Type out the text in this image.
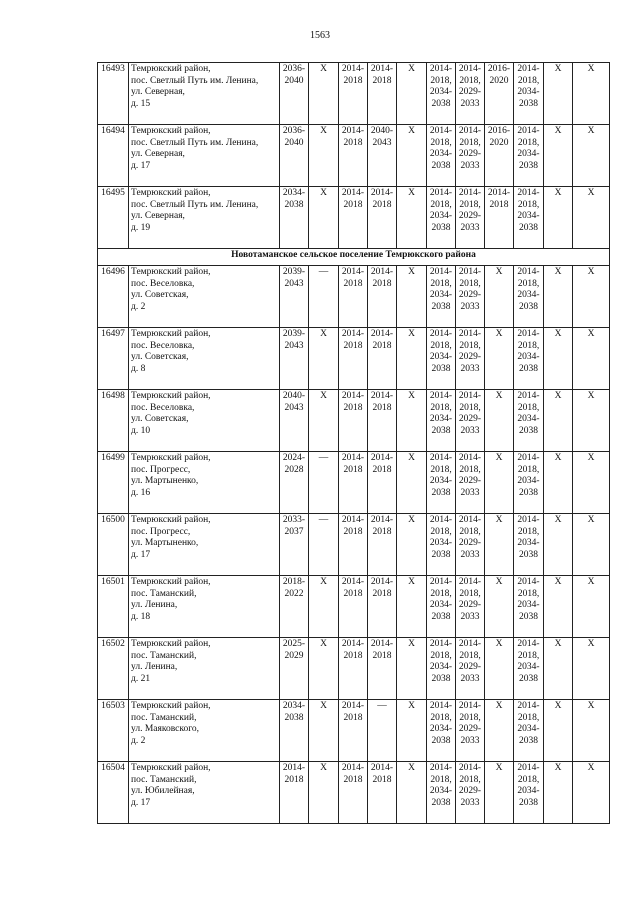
1563
16493	Темрюкский район,
пос. Светлый Путь им. Ленина,
ул. Северная,
д. 15	2036-
2040	X	2014-
2018	2014-
2018	X	2014-
2018,
2034-
2038	2014-
2018,
2029-
2033	2016-
2020	2014-
2018,
2034-
2038	X	X

16494	Темрюкский район,
пос. Светлый Путь им. Ленина,
ул. Северная,
д. 17	2036-
2040	X	2014-
2018	2040-
2043	X	2014-
2018,
2034-
2038	2014-
2018,
2029-
2033	2016-
2020	2014-
2018,
2034-
2038	X	X

16495	Темрюкский район,
пос. Светлый Путь им. Ленина,
ул. Северная,
д. 19	2034-
2038	X	2014-
2018	2014-
2018	X	2014-
2018,
2034-
2038	2014-
2018,
2029-
2033	2014-
2018	2014-
2018,
2034-
2038	X	X

Новотаманское сельское поселение Темрюкского района												
16496	Темрюкский район,
пос. Веселовка,
ул. Советская,
д. 2	2039-
2043	—	2014-
2018	2014-
2018	X	2014-
2018,
2034-
2038	2014-
2018,
2029-
2033	X	2014-
2018,
2034-
2038	X	X

16497	Темрюкский район,
пос. Веселовка,
ул. Советская,
д. 8	2039-
2043	X	2014-
2018	2014-
2018	X	2014-
2018,
2034-
2038	2014-
2018,
2029-
2033	X	2014-
2018,
2034-
2038	X	X

16498	Темрюкский район,
пос. Веселовка,
ул. Советская,
д. 10	2040-
2043	X	2014-
2018	2014-
2018	X	2014-
2018,
2034-
2038	2014-
2018,
2029-
2033	X	2014-
2018,
2034-
2038	X	X

16499	Темрюкский район,
пос. Прогресс,
ул. Мартыненко,
д. 16	2024-
2028	—	2014-
2018	2014-
2018	X	2014-
2018,
2034-
2038	2014-
2018,
2029-
2033	X	2014-
2018,
2034-
2038	X	X

16500	Темрюкский район,
пос. Прогресс,
ул. Мартыненко,
д. 17	2033-
2037	—	2014-
2018	2014-
2018	X	2014-
2018,
2034-
2038	2014-
2018,
2029-
2033	X	2014-
2018,
2034-
2038	X	X

16501	Темрюкский район,
пос. Таманский,
ул. Ленина,
д. 18	2018-
2022	X	2014-
2018	2014-
2018	X	2014-
2018,
2034-
2038	2014-
2018,
2029-
2033	X	2014-
2018,
2034-
2038	X	X

16502	Темрюкский район,
пос. Таманский,
ул. Ленина,
д. 21	2025-
2029	X	2014-
2018	2014-
2018	X	2014-
2018,
2034-
2038	2014-
2018,
2029-
2033	X	2014-
2018,
2034-
2038	X	X

16503	Темрюкский район,
пос. Таманский,
ул. Маяковского,
д. 2	2034-
2038	X	2014-
2018	—	X	2014-
2018,
2034-
2038	2014-
2018,
2029-
2033	X	2014-
2018,
2034-
2038	X	X

16504	Темрюкский район,
пос. Таманский,
ул. Юбилейная,
д. 17	2014-
2018	X	2014-
2018	2014-
2018	X	2014-
2018,
2034-
2038	2014-
2018,
2029-
2033	X	2014-
2018,
2034-
2038	X	X
